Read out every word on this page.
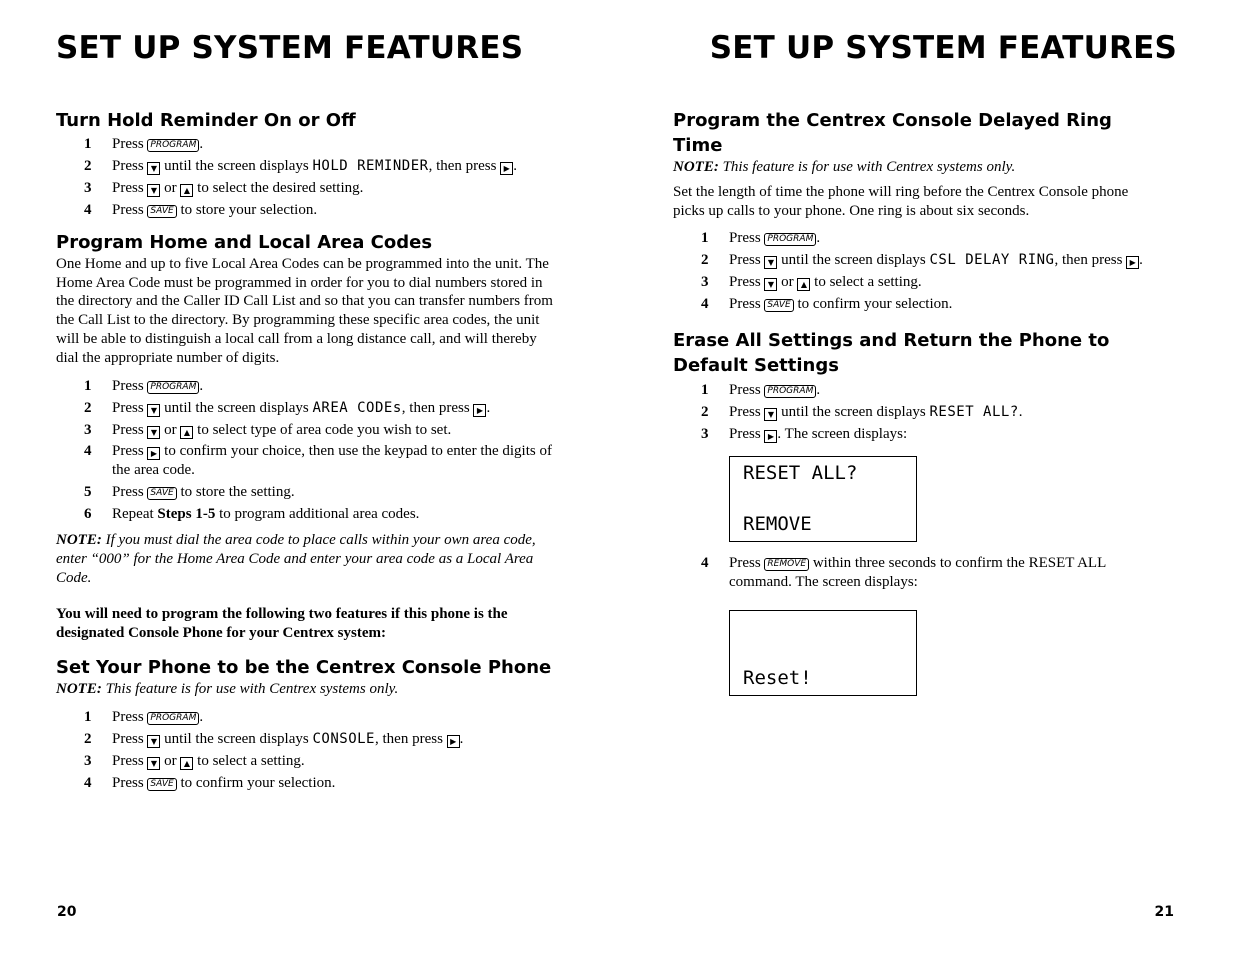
SET UP SYSTEM FEATURES
Turn Hold Reminder On or Off
1 Press PROGRAM .
2 Press ▼ until the screen displays HOLD REMINDER, then press ▶ .
3 Press ▼ or ▲ to select the desired setting.
4 Press SAVE to store your selection.
Program Home and Local Area Codes

One Home and up to five Local Area Codes can be programmed into the unit. The Home Area Code must be programmed in order for you to dial numbers stored in the directory and the Caller ID Call List and so that you can transfer numbers from the Call List to the directory. By programming these specific area codes, the unit will be able to distinguish a local call from a long distance call, and will thereby dial the appropriate number of digits.

1 Press PROGRAM .
2 Press ▼ until the screen displays AREA CODEs, then press ▶ .
3 Press ▼ or ▲ to select type of area code you wish to set.
4 Press ▶ to confirm your choice, then use the keypad to enter the digits of the area code.
5 Press SAVE to store the setting.
6 Repeat Steps 1-5 to program additional area codes.

NOTE: If you must dial the area code to place calls within your own area code, enter “000” for the Home Area Code and enter your area code as a Local Area Code.

You will need to program the following two features if this phone is the designated Console Phone for your Centrex system:

Set Your Phone to be the Centrex Console Phone

NOTE: This feature is for use with Centrex systems only.

1 Press PROGRAM .
2 Press ▼ until the screen displays CONSOLE, then press ▶ .
3 Press ▼ or ▲ to select a setting.
4 Press SAVE to confirm your selection.
20
SET UP SYSTEM FEATURES
Program the Centrex Console Delayed Ring Time

NOTE: This feature is for use with Centrex systems only.

Set the length of time the phone will ring before the Centrex Console phone picks up calls to your phone. One ring is about six seconds.

1 Press PROGRAM .
2 Press ▼ until the screen displays CSL DELAY RING, then press ▶ .
3 Press ▼ or ▲ to select a setting.
4 Press SAVE to confirm your selection.
Erase All Settings and Return the Phone to Default Settings
1 Press PROGRAM .
2 Press ▼ until the screen displays RESET ALL?.
3 Press ▶ . The screen displays:
RESET ALL?
REMOVE
4 Press REMOVE within three seconds to confirm the RESET ALL command. The screen displays:
Reset!
21
